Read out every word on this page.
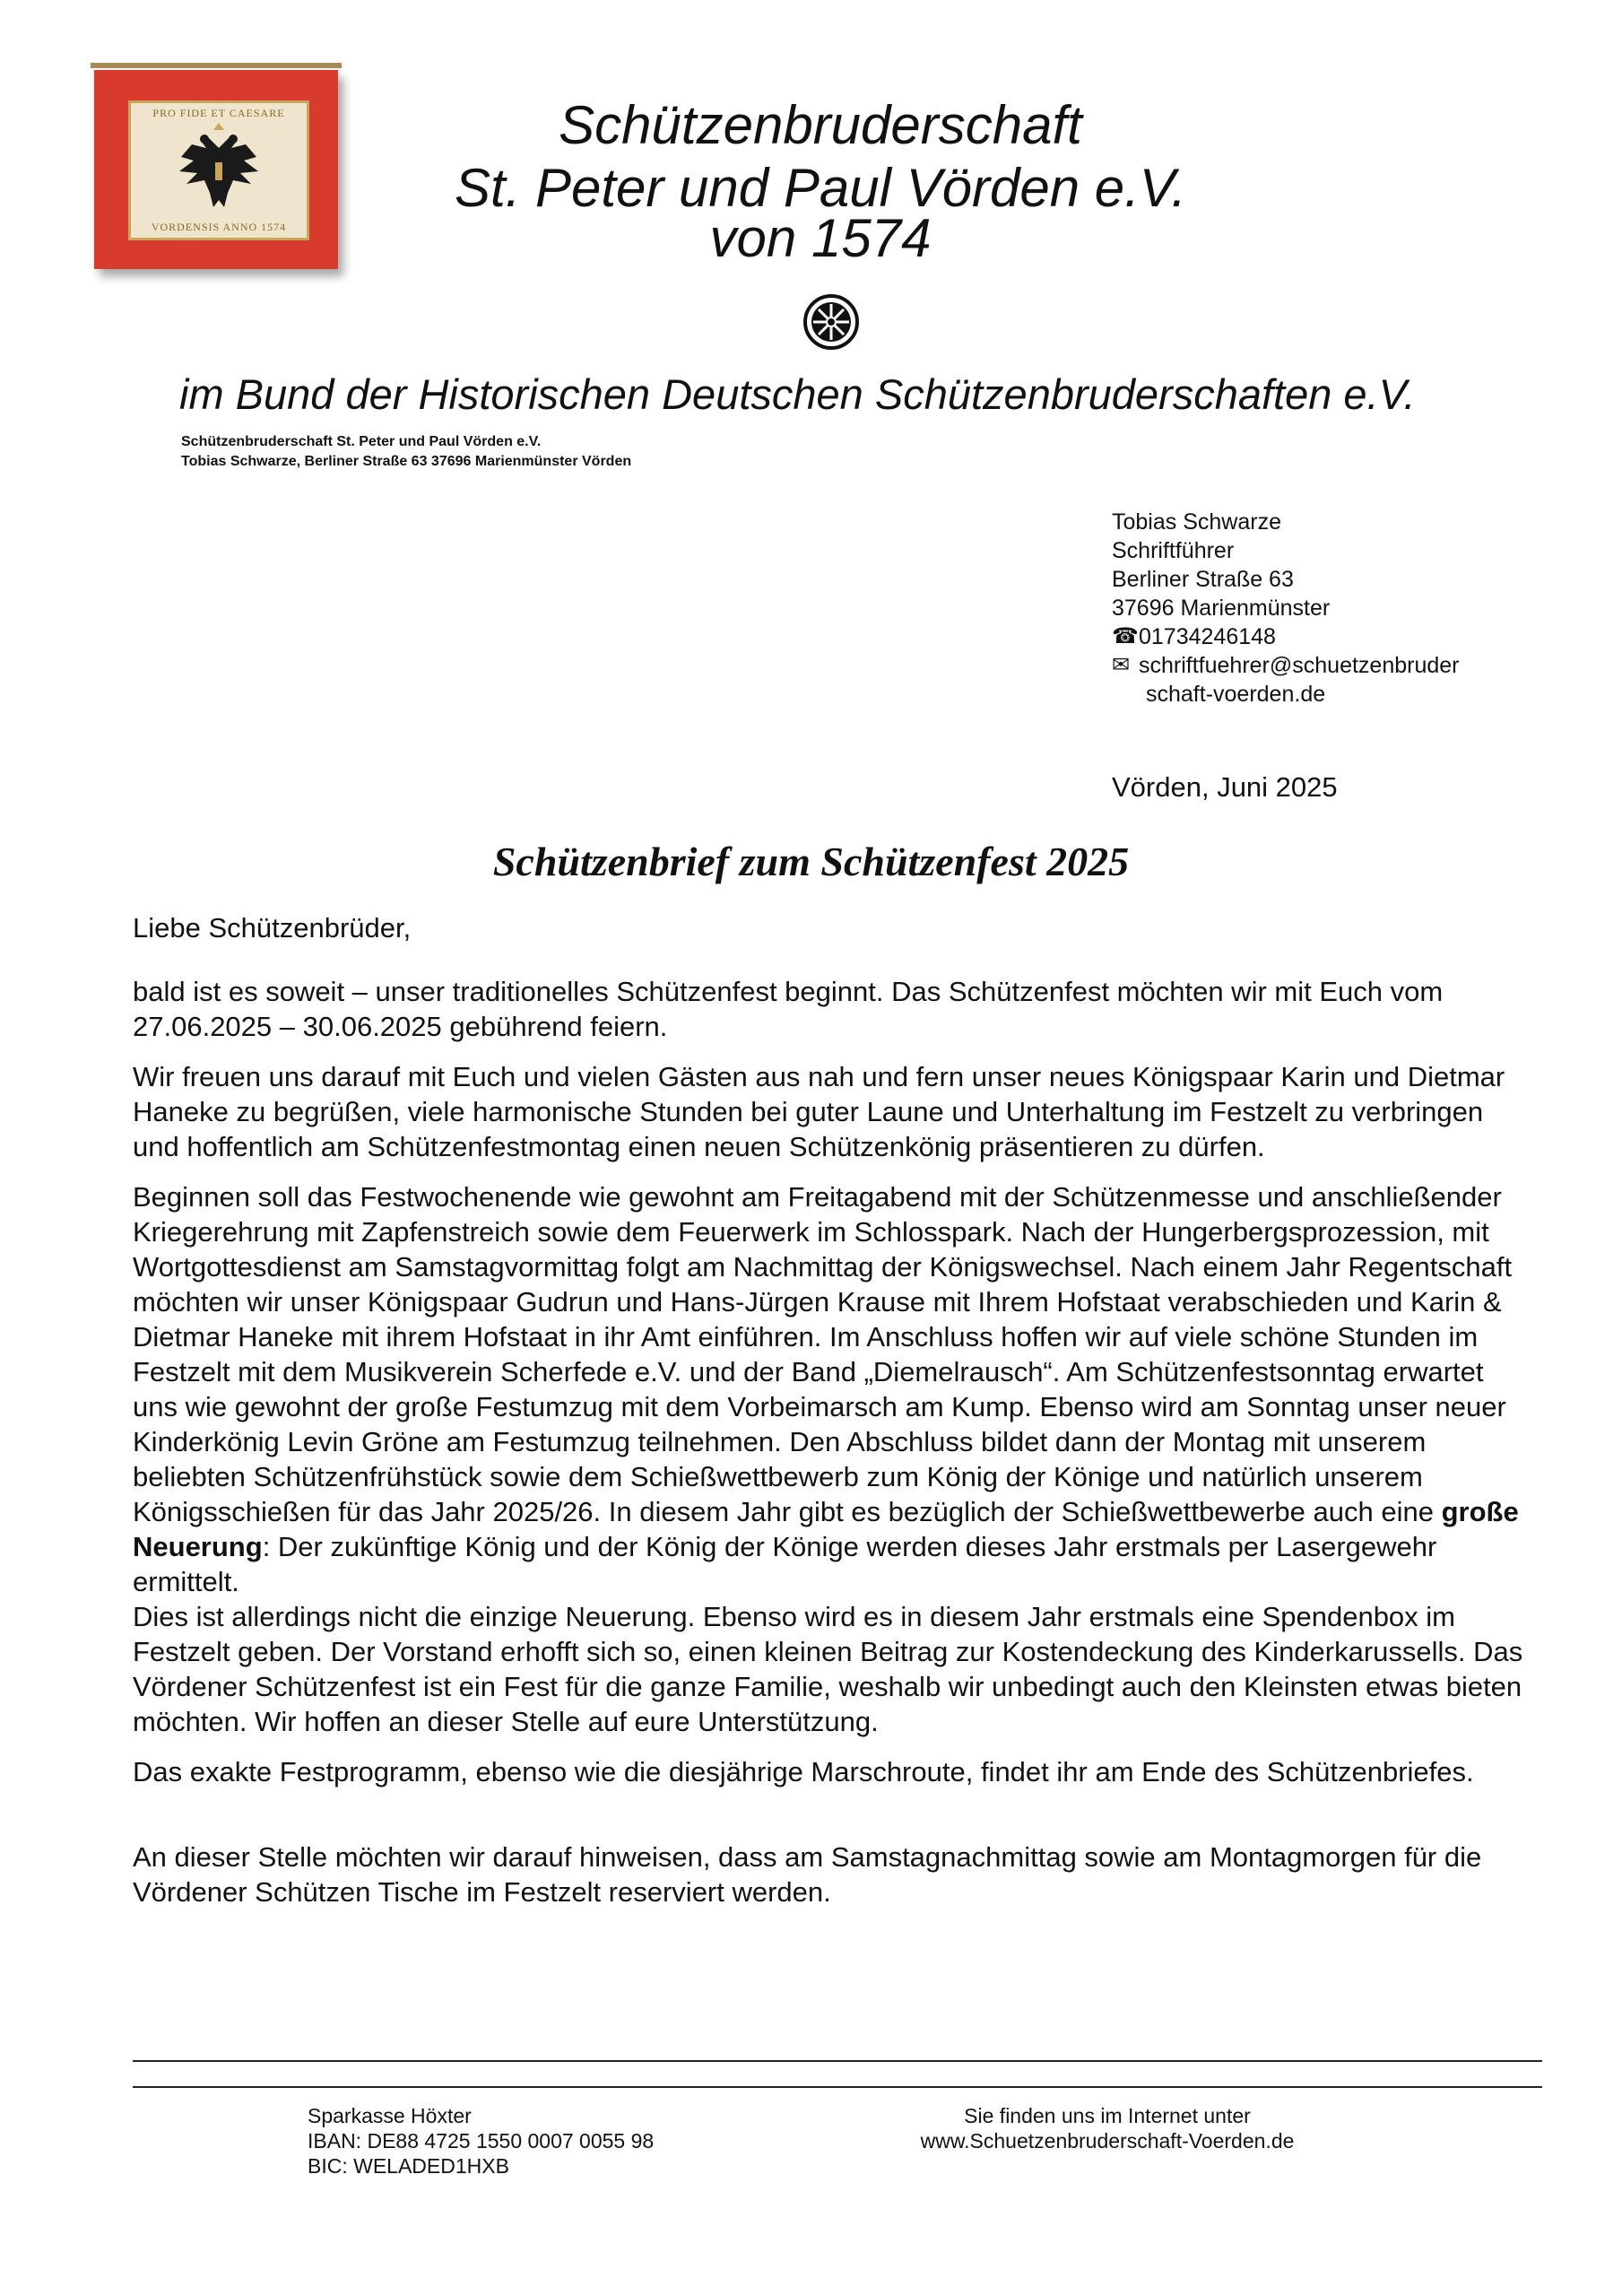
PRO FIDE ET CAESARE
VORDENSIS ANNO 1574
Schützenbruderschaft
St. Peter und Paul Vörden e.V.
von 1574
im Bund der Historischen Deutschen Schützenbruderschaften e.V.
Schützenbruderschaft St. Peter und Paul Vörden e.V.
Tobias Schwarze, Berliner Straße 63 37696 Marienmünster Vörden
Tobias Schwarze
Schriftführer
Berliner Straße 63
37696 Marienmünster
☎ 01734246148
✉ schriftfuehrer@schuetzenbruder
schaft-voerden.de
Vörden, Juni 2025
Schützenbrief zum Schützenfest 2025

Liebe Schützenbrüder,

bald ist es soweit – unser traditionelles Schützenfest beginnt. Das Schützenfest möchten wir mit Euch vom 27.06.2025 – 30.06.2025 gebührend feiern.

Wir freuen uns darauf mit Euch und vielen Gästen aus nah und fern unser neues Königspaar Karin und Dietmar Haneke zu begrüßen, viele harmonische Stunden bei guter Laune und Unterhaltung im Festzelt zu verbringen und hoffentlich am Schützenfestmontag einen neuen Schützenkönig präsentieren zu dürfen.

Beginnen soll das Festwochenende wie gewohnt am Freitagabend mit der Schützenmesse und anschließender Kriegerehrung mit Zapfenstreich sowie dem Feuerwerk im Schlosspark. Nach der Hungerbergsprozession, mit Wortgottesdienst am Samstagvormittag folgt am Nachmittag der Königswechsel. Nach einem Jahr Regentschaft möchten wir unser Königspaar Gudrun und Hans-Jürgen Krause mit Ihrem Hofstaat verabschieden und Karin & Dietmar Haneke mit ihrem Hofstaat in ihr Amt einführen. Im Anschluss hoffen wir auf viele schöne Stunden im Festzelt mit dem Musikverein Scherfede e.V. und der Band „Diemelrausch“. Am Schützenfestsonntag erwartet uns wie gewohnt der große Festumzug mit dem Vorbeimarsch am Kump. Ebenso wird am Sonntag unser neuer Kinderkönig Levin Gröne am Festumzug teilnehmen. Den Abschluss bildet dann der Montag mit unserem beliebten Schützenfrühstück sowie dem Schießwettbewerb zum König der Könige und natürlich unserem Königsschießen für das Jahr 2025/26. In diesem Jahr gibt es bezüglich der Schießwettbewerbe auch eine große Neuerung: Der zukünftige König und der König der Könige werden dieses Jahr erstmals per Lasergewehr ermittelt.

Dies ist allerdings nicht die einzige Neuerung. Ebenso wird es in diesem Jahr erstmals eine Spendenbox im Festzelt geben. Der Vorstand erhofft sich so, einen kleinen Beitrag zur Kostendeckung des Kinderkarussells. Das Vördener Schützenfest ist ein Fest für die ganze Familie, weshalb wir unbedingt auch den Kleinsten etwas bieten möchten. Wir hoffen an dieser Stelle auf eure Unterstützung.

Das exakte Festprogramm, ebenso wie die diesjährige Marschroute, findet ihr am Ende des Schützenbriefes.

An dieser Stelle möchten wir darauf hinweisen, dass am Samstagnachmittag sowie am Montagmorgen für die Vördener Schützen Tische im Festzelt reserviert werden.

Sparkasse Höxter
IBAN: DE88 4725 1550 0007 0055 98
BIC: WELADED1HXB
Sie finden uns im Internet unter
www.Schuetzenbruderschaft-Voerden.de
